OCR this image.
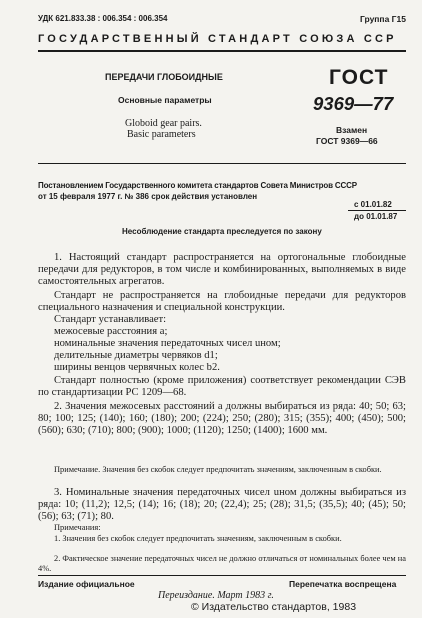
УДК 621.833.38 : 006.354 : 006.354	Группа Г15
ГОСУДАРСТВЕННЫЙ СТАНДАРТ СОЮЗА ССР
ПЕРЕДАЧИ ГЛОБОИДНЫЕ
Основные параметры
Globoid gear pairs.
Basic parameters
ГОСТ
9369—77
Взамен
ГОСТ 9369—66
Постановлением Государственного комитета стандартов Совета Министров СССР
от 15 февраля 1977 г. № 386 срок действия установлен
с 01.01.82
до 01.01.87
Несоблюдение стандарта преследуется по закону
1. Настоящий стандарт распространяется на ортогональные глобоидные передачи для редукторов, в том числе и комбинированных, выполняемых в виде самостоятельных агрегатов.
Стандарт не распространяется на глобоидные передачи для редукторов специального назначения и специальной конструкции.
Стандарт устанавливает:
межосевые расстояния a;
номинальные значения передаточных чисел uном;
делительные диаметры червяков d1;
ширины венцов червячных колес b2.
Стандарт полностью (кроме приложения) соответствует рекомендации СЭВ по стандартизации РС 1209—68.
2. Значения межосевых расстояний a должны выбираться из ряда: 40; 50; 63; 80; 100; 125; (140); 160; (180); 200; (224); 250; (280); 315; (355); 400; (450); 500; (560); 630; (710); 800; (900); 1000; (1120); 1250; (1400); 1600 мм.
Примечание. Значения без скобок следует предпочитать значениям, заключенным в скобки.
3. Номинальные значения передаточных чисел uном должны выбираться из ряда: 10; (11,2); 12,5; (14); 16; (18); 20; (22,4); 25; (28); 31,5; (35,5); 40; (45); 50; (56); 63; (71); 80.
Примечания:
1. Значения без скобок следует предпочитать значениям, заключенным в скобки.
2. Фактическое значение передаточных чисел не должно отличаться от номинальных более чем на 4%.
Издание официальное	Перепечатка воспрещена
Переиздание. Март 1983 г.
© Издательство стандартов, 1983
